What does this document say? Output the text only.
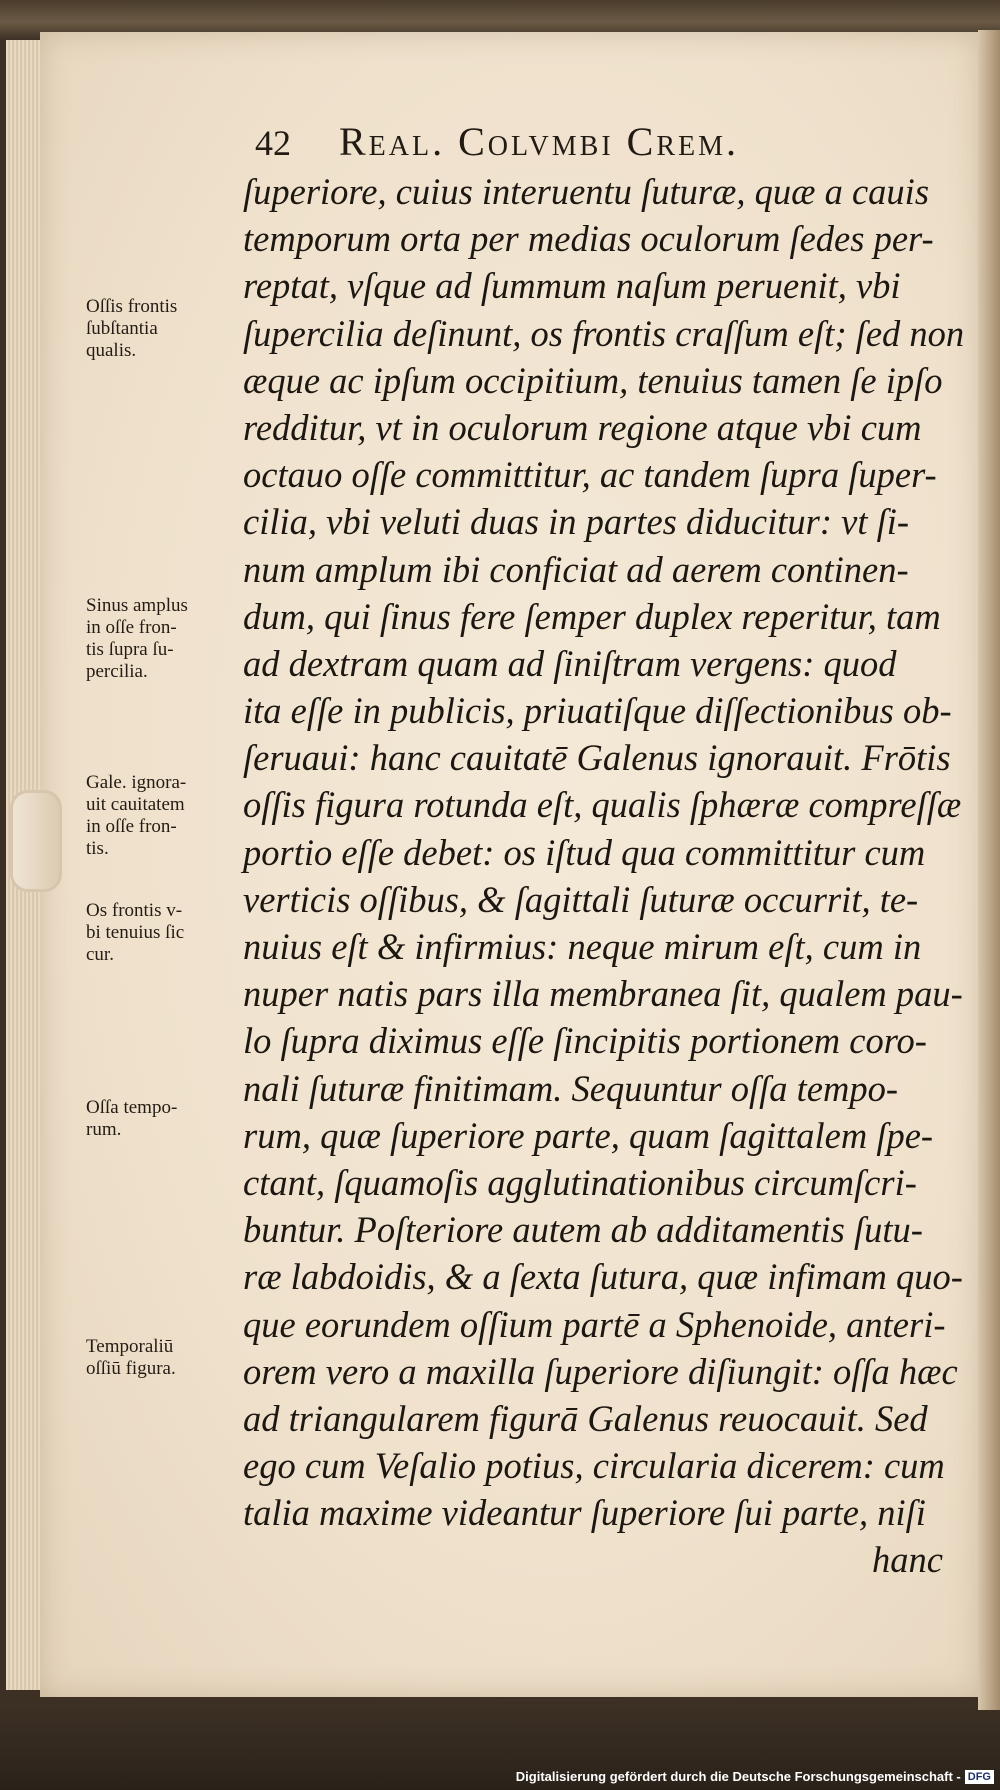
42 Real. Colvmbi Crem.
ſuperiore, cuius interuentu ſuturæ, quæ a cauis
temporum orta per medias oculorum ſedes per-
reptat, vſque ad ſummum naſum peruenit, vbi
ſupercilia deſinunt, os frontis craſſum eſt; ſed non
æque ac ipſum occipitium, tenuius tamen ſe ipſo
redditur, vt in oculorum regione atque vbi cum
octauo oſſe committitur, ac tandem ſupra ſuper-
cilia, vbi veluti duas in partes diducitur: vt ſi-
num amplum ibi conficiat ad aerem continen-
dum, qui ſinus fere ſemper duplex reperitur, tam
ad dextram quam ad ſiniſtram vergens: quod
ita eſſe in publicis, priuatiſque diſſectionibus ob-
ſeruaui: hanc cauitatē Galenus ignorauit. Frōtis
oſſis figura rotunda eſt, qualis ſphæræ compreſſæ
portio eſſe debet: os iſtud qua committitur cum
verticis oſſibus, & ſagittali ſuturæ occurrit, te-
nuius eſt & infirmius: neque mirum eſt, cum in
nuper natis pars illa membranea ſit, qualem pau-
lo ſupra diximus eſſe ſincipitis portionem coro-
nali ſuturæ finitimam. Sequuntur oſſa tempo-
rum, quæ ſuperiore parte, quam ſagittalem ſpe-
ctant, ſquamoſis agglutinationibus circumſcri-
buntur. Poſteriore autem ab additamentis ſutu-
ræ labdoidis, & a ſexta ſutura, quæ infimam quo-
que eorundem oſſium partē a Sphenoide, anteri-
orem vero a maxilla ſuperiore diſiungit: oſſa hæc
ad triangularem figurā Galenus reuocauit. Sed
ego cum Veſalio potius, circularia dicerem: cum
talia maxime videantur ſuperiore ſui parte, niſi
hanc
Oſſis frontis
ſubſtantia
qualis.
Sinus amplus
in oſſe fron-
tis ſupra ſu-
percilia.
Gale. ignora-
uit cauitatem
in oſſe fron-
tis.
Os frontis v-
bi tenuius ſic
cur.
Oſſa tempo-
rum.
Temporaliū
oſſiū figura.
Digitalisierung gefördert durch die Deutsche Forschungsgemeinschaft - DFG
